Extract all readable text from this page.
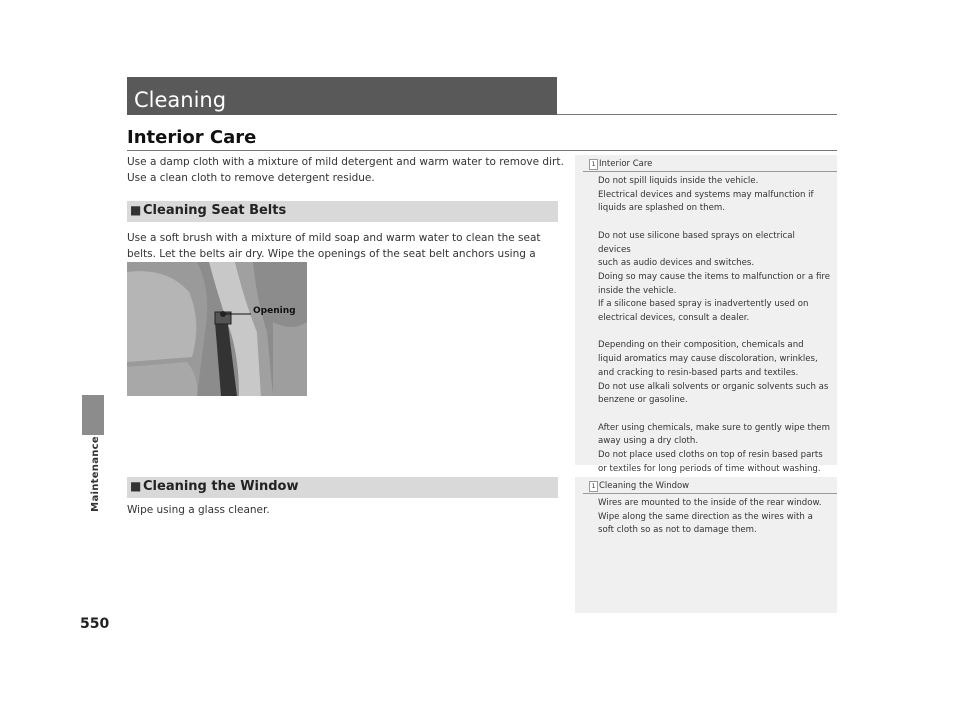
Maintenance
550
Cleaning
Interior Care
Use a damp cloth with a mixture of mild detergent and warm water to remove dirt. Use a clean cloth to remove detergent residue.
■ Cleaning Seat Belts
Use a soft brush with a mixture of mild soap and warm water to clean the seat belts. Let the belts air dry. Wipe the openings of the seat belt anchors using a
Opening
■ Cleaning the Window
Wipe using a glass cleaner.
1 $^{Interior Care}$
Do not spill liquids inside the vehicle.
Electrical devices and systems may malfunction if
liquids are splashed on them.

Do not use silicone based sprays on electrical devices
such as audio devices and switches.
Doing so may cause the items to malfunction or a fire
inside the vehicle.
If a silicone based spray is inadvertently used on
electrical devices, consult a dealer.

Depending on their composition, chemicals and
liquid aromatics may cause discoloration, wrinkles,
and cracking to resin-based parts and textiles.
Do not use alkali solvents or organic solvents such as
benzene or gasoline.

After using chemicals, make sure to gently wipe them
away using a dry cloth.
Do not place used cloths on top of resin based parts
or textiles for long periods of time without washing.
1 $^{Cleaning the Window}$
Wires are mounted to the inside of the rear window.
Wipe along the same direction as the wires with a
soft cloth so as not to damage them.
